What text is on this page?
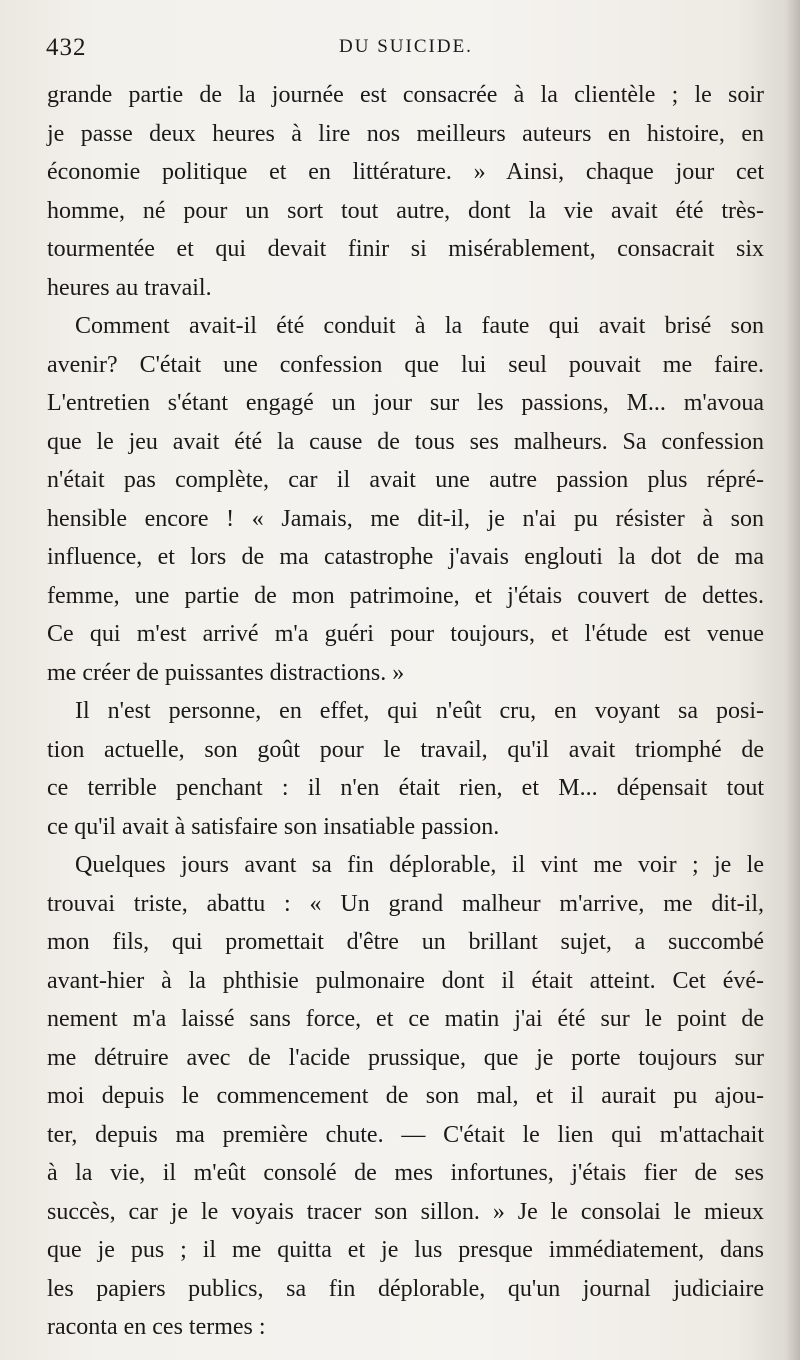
432	DU SUICIDE.
grande partie de la journée est consacrée à la clientèle ; le soir
je passe deux heures à lire nos meilleurs auteurs en histoire, en
économie politique et en littérature. » Ainsi, chaque jour cet
homme, né pour un sort tout autre, dont la vie avait été très-
tourmentée et qui devait finir si misérablement, consacrait six
heures au travail.
Comment avait-il été conduit à la faute qui avait brisé son
avenir? C'était une confession que lui seul pouvait me faire.
L'entretien s'étant engagé un jour sur les passions, M... m'avoua
que le jeu avait été la cause de tous ses malheurs. Sa confession
n'était pas complète, car il avait une autre passion plus répré-
hensible encore ! « Jamais, me dit-il, je n'ai pu résister à son
influence, et lors de ma catastrophe j'avais englouti la dot de ma
femme, une partie de mon patrimoine, et j'étais couvert de dettes.
Ce qui m'est arrivé m'a guéri pour toujours, et l'étude est venue
me créer de puissantes distractions. »
Il n'est personne, en effet, qui n'eût cru, en voyant sa posi-
tion actuelle, son goût pour le travail, qu'il avait triomphé de
ce terrible penchant : il n'en était rien, et M... dépensait tout
ce qu'il avait à satisfaire son insatiable passion.
Quelques jours avant sa fin déplorable, il vint me voir ; je le
trouvai triste, abattu : « Un grand malheur m'arrive, me dit-il,
mon fils, qui promettait d'être un brillant sujet, a succombé
avant-hier à la phthisie pulmonaire dont il était atteint. Cet évé-
nement m'a laissé sans force, et ce matin j'ai été sur le point de
me détruire avec de l'acide prussique, que je porte toujours sur
moi depuis le commencement de son mal, et il aurait pu ajou-
ter, depuis ma première chute. — C'était le lien qui m'attachait
à la vie, il m'eût consolé de mes infortunes, j'étais fier de ses
succès, car je le voyais tracer son sillon. » Je le consolai le mieux
que je pus ; il me quitta et je lus presque immédiatement, dans
les papiers publics, sa fin déplorable, qu'un journal judiciaire
raconta en ces termes :
